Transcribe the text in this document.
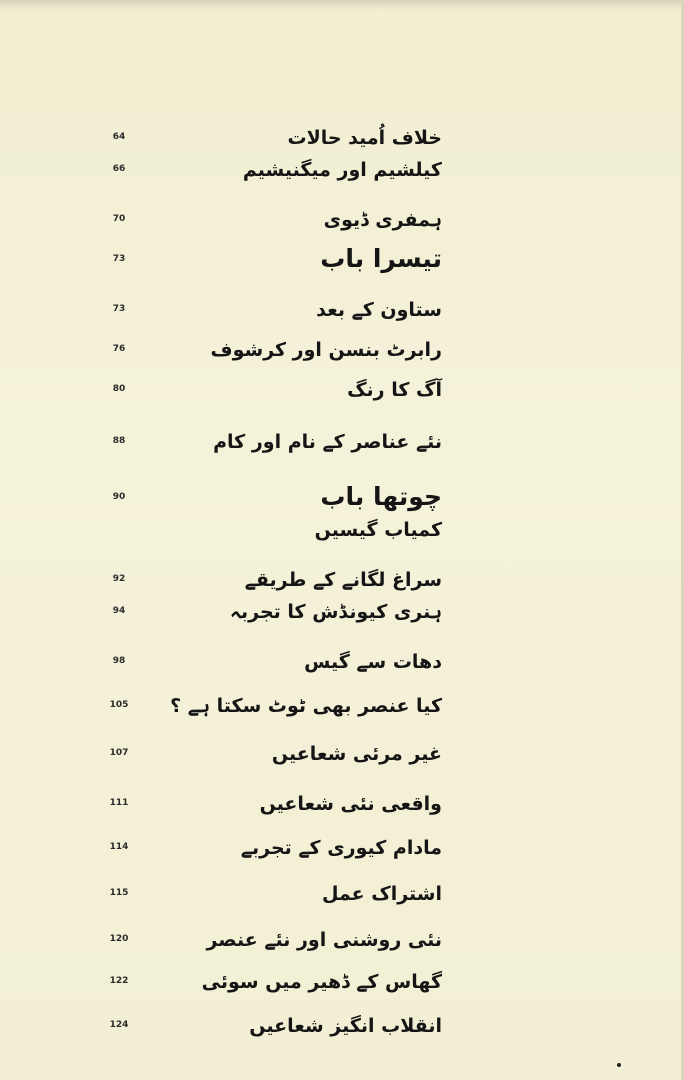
64	خلاف اُمید حالات
66	کیلشیم اور میگنیشیم
70	ہمفری ڈیوی
73	تیسرا باب
73	ستاون کے بعد
76	رابرٹ بنسن اور کرشوف
80	آگ کا رنگ
88	نئے عناصر کے نام اور کام
90	چوتھا باب
کمیاب گیسیں
92	سراغ لگانے کے طریقے
94	ہنری کیونڈش کا تجربہ
98	دھات سے گیس
105 کیا عنصر بھی ٹوٹ سکتا ہے ؟
107	غیر مرئی شعاعیں
111	واقعی نئی شعاعیں
114	مادام کیوری کے تجربے
115	اشتراک عمل
120	نئی روشنی اور نئے عنصر
122	گھاس کے ڈھیر میں سوئی
124	انقلاب انگیز شعاعیں
